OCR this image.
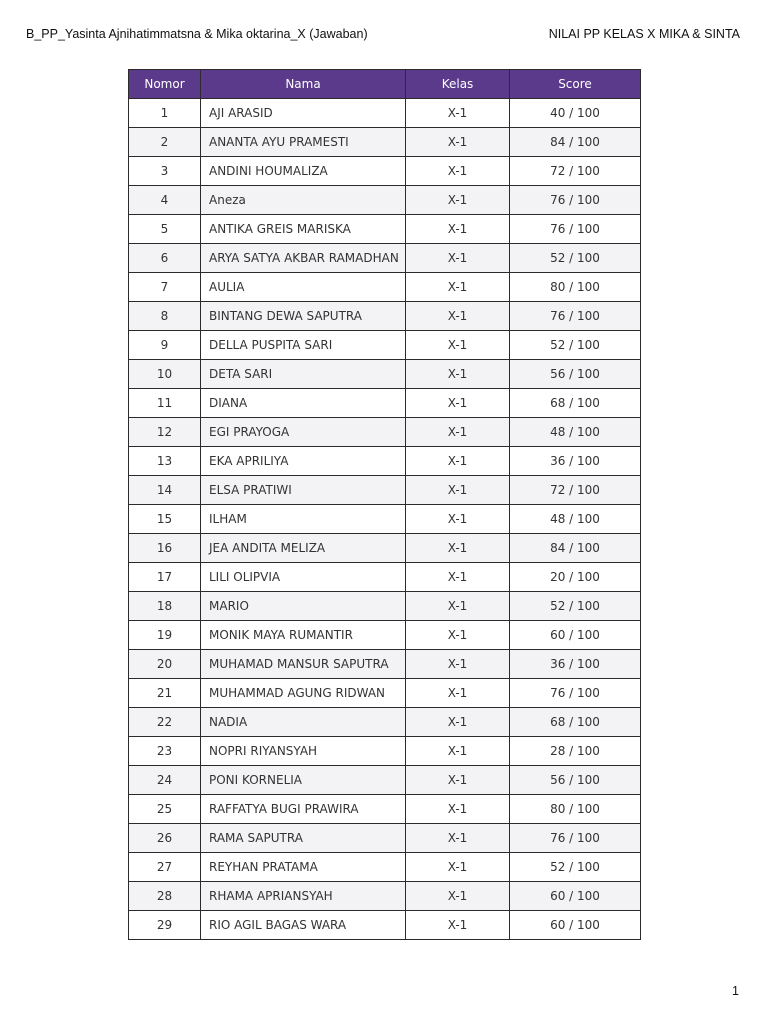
B_PP_Yasinta Ajnihatimmatsna & Mika oktarina_X (Jawaban)	NILAI PP KELAS X MIKA & SINTA
Nomor	Nama	Kelas	Score
1	AJI ARASID	X-1	40 / 100
2	ANANTA AYU PRAMESTI	X-1	84 / 100
3	ANDINI HOUMALIZA	X-1	72 / 100
4	Aneza	X-1	76 / 100
5	ANTIKA GREIS MARISKA	X-1	76 / 100
6	ARYA SATYA AKBAR RAMADHAN	X-1	52 / 100
7	AULIA	X-1	80 / 100
8	BINTANG DEWA SAPUTRA	X-1	76 / 100
9	DELLA PUSPITA SARI	X-1	52 / 100
10	DETA SARI	X-1	56 / 100
11	DIANA	X-1	68 / 100
12	EGI PRAYOGA	X-1	48 / 100
13	EKA APRILIYA	X-1	36 / 100
14	ELSA PRATIWI	X-1	72 / 100
15	ILHAM	X-1	48 / 100
16	JEA ANDITA MELIZA	X-1	84 / 100
17	LILI OLIPVIA	X-1	20 / 100
18	MARIO	X-1	52 / 100
19	MONIK MAYA RUMANTIR	X-1	60 / 100
20	MUHAMAD MANSUR SAPUTRA	X-1	36 / 100
21	MUHAMMAD AGUNG RIDWAN	X-1	76 / 100
22	NADIA	X-1	68 / 100
23	NOPRI RIYANSYAH	X-1	28 / 100
24	PONI KORNELIA	X-1	56 / 100
25	RAFFATYA BUGI PRAWIRA	X-1	80 / 100
26	RAMA SAPUTRA	X-1	76 / 100
27	REYHAN PRATAMA	X-1	52 / 100
28	RHAMA APRIANSYAH	X-1	60 / 100
29	RIO AGIL BAGAS WARA	X-1	60 / 100
1
